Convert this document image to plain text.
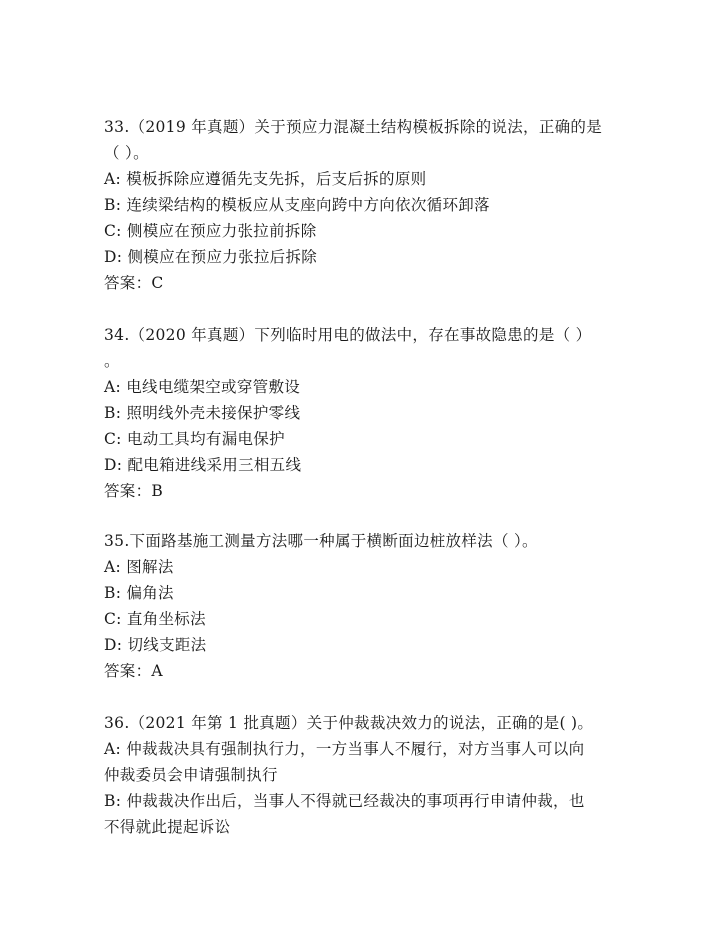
33.（2019 年真题）关于预应力混凝土结构模板拆除的说法，正确的是
（ ）。
A: 模板拆除应遵循先支先拆，后支后拆的原则
B: 连续梁结构的模板应从支座向跨中方向依次循环卸落
C: 侧模应在预应力张拉前拆除
D: 侧模应在预应力张拉后拆除
答案：C
34.（2020 年真题）下列临时用电的做法中，存在事故隐患的是（ ）
。
A: 电线电缆架空或穿管敷设
B: 照明线外壳未接保护零线
C: 电动工具均有漏电保护
D: 配电箱进线采用三相五线
答案：B
35.下面路基施工测量方法哪一种属于横断面边桩放样法（ ）。
A: 图解法
B: 偏角法
C: 直角坐标法
D: 切线支距法
答案：A
36.（2021 年第 1 批真题）关于仲裁裁决效力的说法，正确的是( )。
A: 仲裁裁决具有强制执行力，一方当事人不履行，对方当事人可以向
仲裁委员会申请强制执行
B: 仲裁裁决作出后，当事人不得就已经裁决的事项再行申请仲裁，也
不得就此提起诉讼
